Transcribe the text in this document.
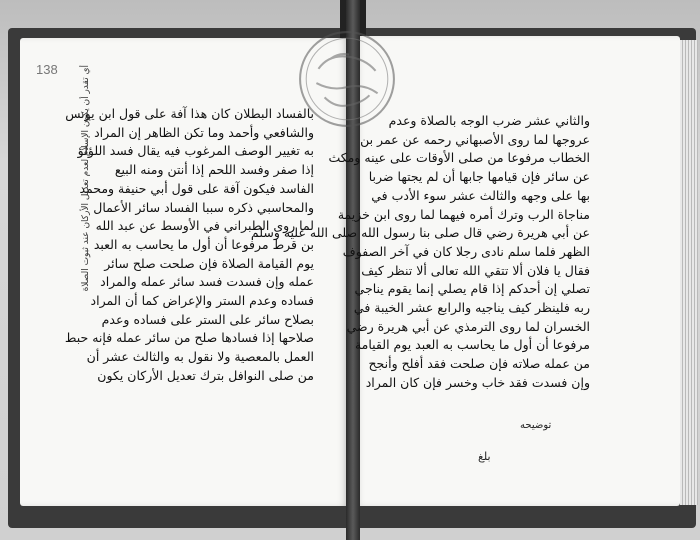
138
بالفساد البطلان كان هذا آفة على قول ابن يونس
والشافعي وأحمد وما تكن الظاهر إن المراد
به تغيير الوصف المرغوب فيه يقال فسد اللؤلؤ
إذا صفر وفسد اللحم إذا أنتن ومنه البيع
الفاسد فيكون آفة على قول أبي حنيفة ومحمد
والمحاسبي ذكره سببا الفساد سائر الأعمال
لما روى الطبراني في الأوسط عن عبد الله
بن قرط مرفوعا أن أول ما يحاسب به العبد
يوم القيامة الصلاة فإن صلحت صلح سائر
عمله وإن فسدت فسد سائر عمله والمراد
فساده وعدم الستر والإعراض كما أن المراد
بصلاح سائر على الستر على فساده وعدم
صلاحها إذا فسادها صلح من سائر عمله فإنه حبط
العمل بالمعصية ولا نقول به والثالث عشر أن
من صلى النوافل بترك تعديل الأركان يكون
أي تقدر أن يكون الإسلام لعدم تعديل الأركان عند ثبوت الصلاة	والثاني عشر ضرب الوجه بالصلاة وعدم
عروجها لما روى الأصبهاني رحمه عن عمر بن
الخطاب مرفوعا من صلى الأوقات على عينه ومكث
عن سائر فإن قيامها جابها أن لم يجتها ضربا
بها على وجهه والثالث عشر سوء الأدب في
مناجاة الرب وترك أمره فيهما لما روى ابن خزيمة
عن أبي هريرة رضي قال صلى بنا رسول الله صلى الله عليه وسلم
الظهر فلما سلم نادى رجلا كان في آخر الصفوف
فقال يا فلان ألا تتقي الله تعالى ألا تنظر كيف
تصلي إن أحدكم إذا قام يصلي إنما يقوم يناجي
ربه فلينظر كيف يناجيه والرابع عشر الخيبة في
الخسران لما روى الترمذي عن أبي هريرة رضي
مرفوعا أن أول ما يحاسب به العبد يوم القيامة
من عمله صلاته فإن صلحت فقد أفلح وأنجح
وإن فسدت فقد خاب وخسر فإن كان المراد
توضيحه
بلغ
